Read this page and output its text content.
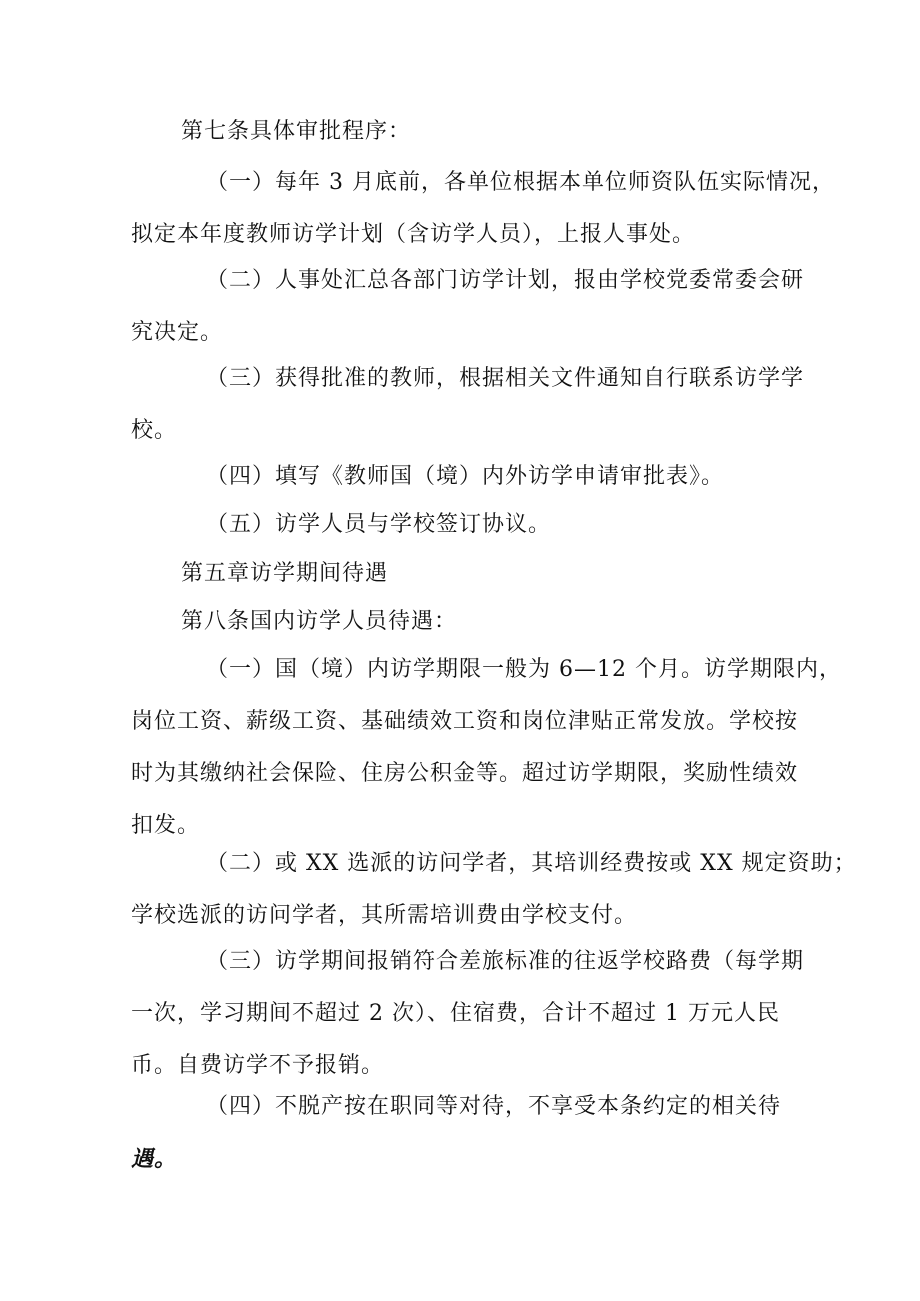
第七条具体审批程序：

（一）每年 3 月底前，各单位根据本单位师资队伍实际情况，
拟定本年度教师访学计划（含访学人员），上报人事处。

（二）人事处汇总各部门访学计划，报由学校党委常委会研
究决定。

（三）获得批准的教师，根据相关文件通知自行联系访学学
校。

（四）填写《教师国（境）内外访学申请审批表》。

（五）访学人员与学校签订协议。

第五章访学期间待遇

第八条国内访学人员待遇：

（一）国（境）内访学期限一般为 6—12 个月。访学期限内，
岗位工资、薪级工资、基础绩效工资和岗位津贴正常发放。学校按
时为其缴纳社会保险、住房公积金等。超过访学期限，奖励性绩效
扣发。

（二）或 XX 选派的访问学者，其培训经费按或 XX 规定资助；
学校选派的访问学者，其所需培训费由学校支付。

（三）访学期间报销符合差旅标准的往返学校路费（每学期
一次，学习期间不超过 2 次）、住宿费，合计不超过 1 万元人民
币。自费访学不予报销。

（四）不脱产按在职同等对待，不享受本条约定的相关待
遇。
